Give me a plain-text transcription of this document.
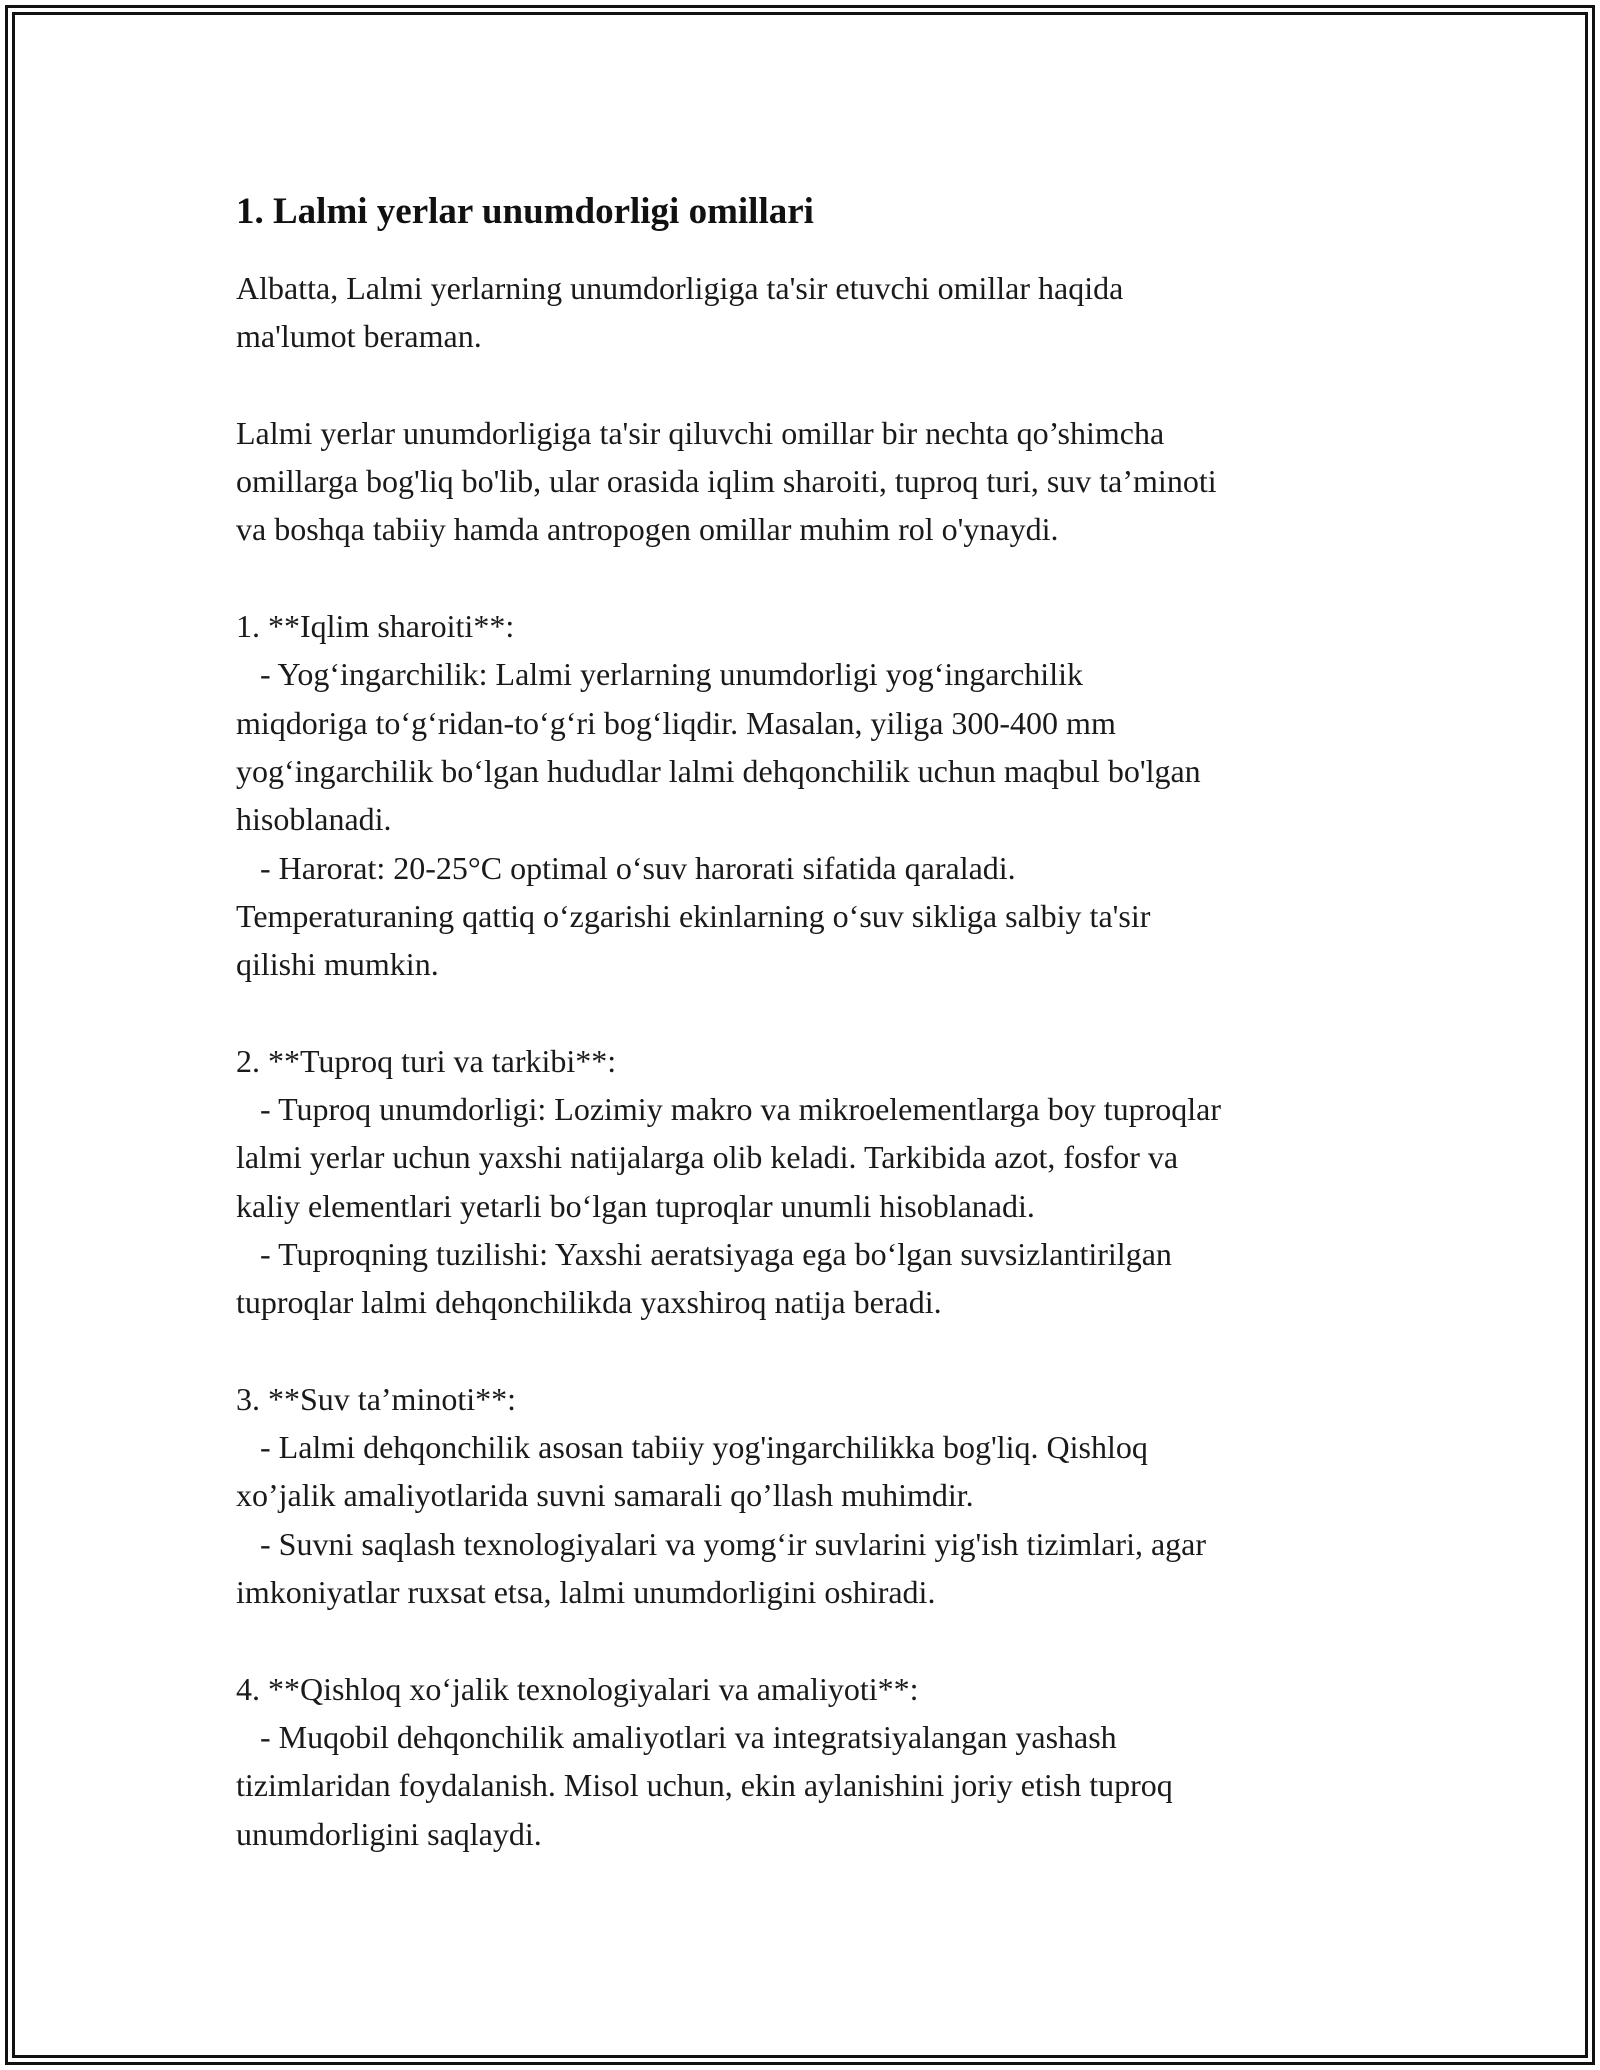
1. Lalmi yerlar unumdorligi omillari

Albatta, Lalmi yerlarning unumdorligiga ta'sir etuvchi omillar haqida
ma'lumot beraman.

Lalmi yerlar unumdorligiga ta'sir qiluvchi omillar bir nechta qo’shimcha
omillarga bog'liq bo'lib, ular orasida iqlim sharoiti, tuproq turi, suv ta’minoti
va boshqa tabiiy hamda antropogen omillar muhim rol o'ynaydi.

1. **Iqlim sharoiti**:

- Yog‘ingarchilik: Lalmi yerlarning unumdorligi yog‘ingarchilik
miqdoriga to‘g‘ridan-to‘g‘ri bog‘liqdir. Masalan, yiliga 300-400 mm
yog‘ingarchilik bo‘lgan hududlar lalmi dehqonchilik uchun maqbul bo'lgan
hisoblanadi.
- Harorat: 20-25°C optimal o‘suv harorati sifatida qaraladi.
Temperaturaning qattiq o‘zgarishi ekinlarning o‘suv sikliga salbiy ta'sir
qilishi mumkin.

2. **Tuproq turi va tarkibi**:

- Tuproq unumdorligi: Lozimiy makro va mikroelementlarga boy tuproqlar
lalmi yerlar uchun yaxshi natijalarga olib keladi. Tarkibida azot, fosfor va
kaliy elementlari yetarli bo‘lgan tuproqlar unumli hisoblanadi.
- Tuproqning tuzilishi: Yaxshi aeratsiyaga ega bo‘lgan suvsizlantirilgan
tuproqlar lalmi dehqonchilikda yaxshiroq natija beradi.

3. **Suv ta’minoti**:

- Lalmi dehqonchilik asosan tabiiy yog'ingarchilikka bog'liq. Qishloq
xo’jalik amaliyotlarida suvni samarali qo’llash muhimdir.
- Suvni saqlash texnologiyalari va yomg‘ir suvlarini yig'ish tizimlari, agar
imkoniyatlar ruxsat etsa, lalmi unumdorligini oshiradi.

4. **Qishloq xo‘jalik texnologiyalari va amaliyoti**:

- Muqobil dehqonchilik amaliyotlari va integratsiyalangan yashash
tizimlaridan foydalanish. Misol uchun, ekin aylanishini joriy etish tuproq
unumdorligini saqlaydi.
